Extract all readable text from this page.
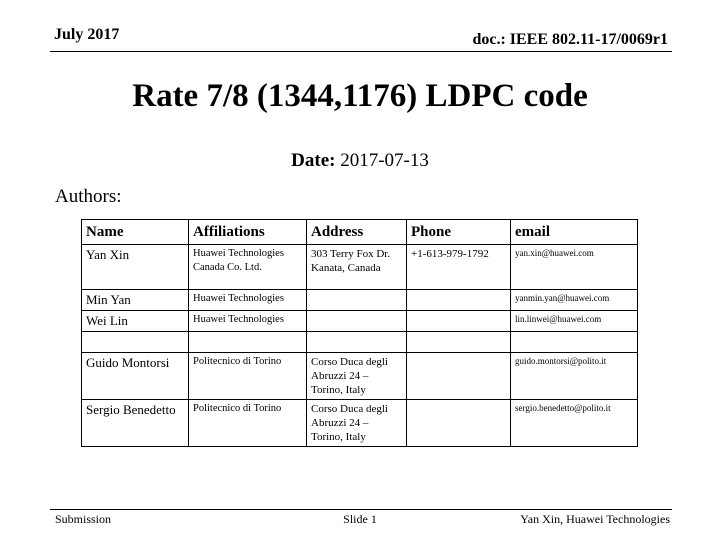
July 2017	doc.: IEEE 802.11-17/0069r1
Rate 7/8 (1344,1176) LDPC code
Date: 2017-07-13
Authors:
Name	Affiliations	Address	Phone	email
Yan Xin	Huawei Technologies Canada Co. Ltd.	303 Terry Fox Dr. Kanata, Canada	+1-613-979-1792	yan.xin@huawei.com
Min Yan	Huawei Technologies			yanmin.yan@huawei.com
Wei Lin	Huawei Technologies			lin.linwei@huawei.com

Guido Montorsi	Politecnico di Torino	Corso Duca degli Abruzzi 24 – Torino, Italy		guido.montorsi@polito.it
Sergio Benedetto	Politecnico di Torino	Corso Duca degli Abruzzi 24 – Torino, Italy		sergio.benedetto@polito.it
Submission	Slide 1	Yan Xin, Huawei Technologies
